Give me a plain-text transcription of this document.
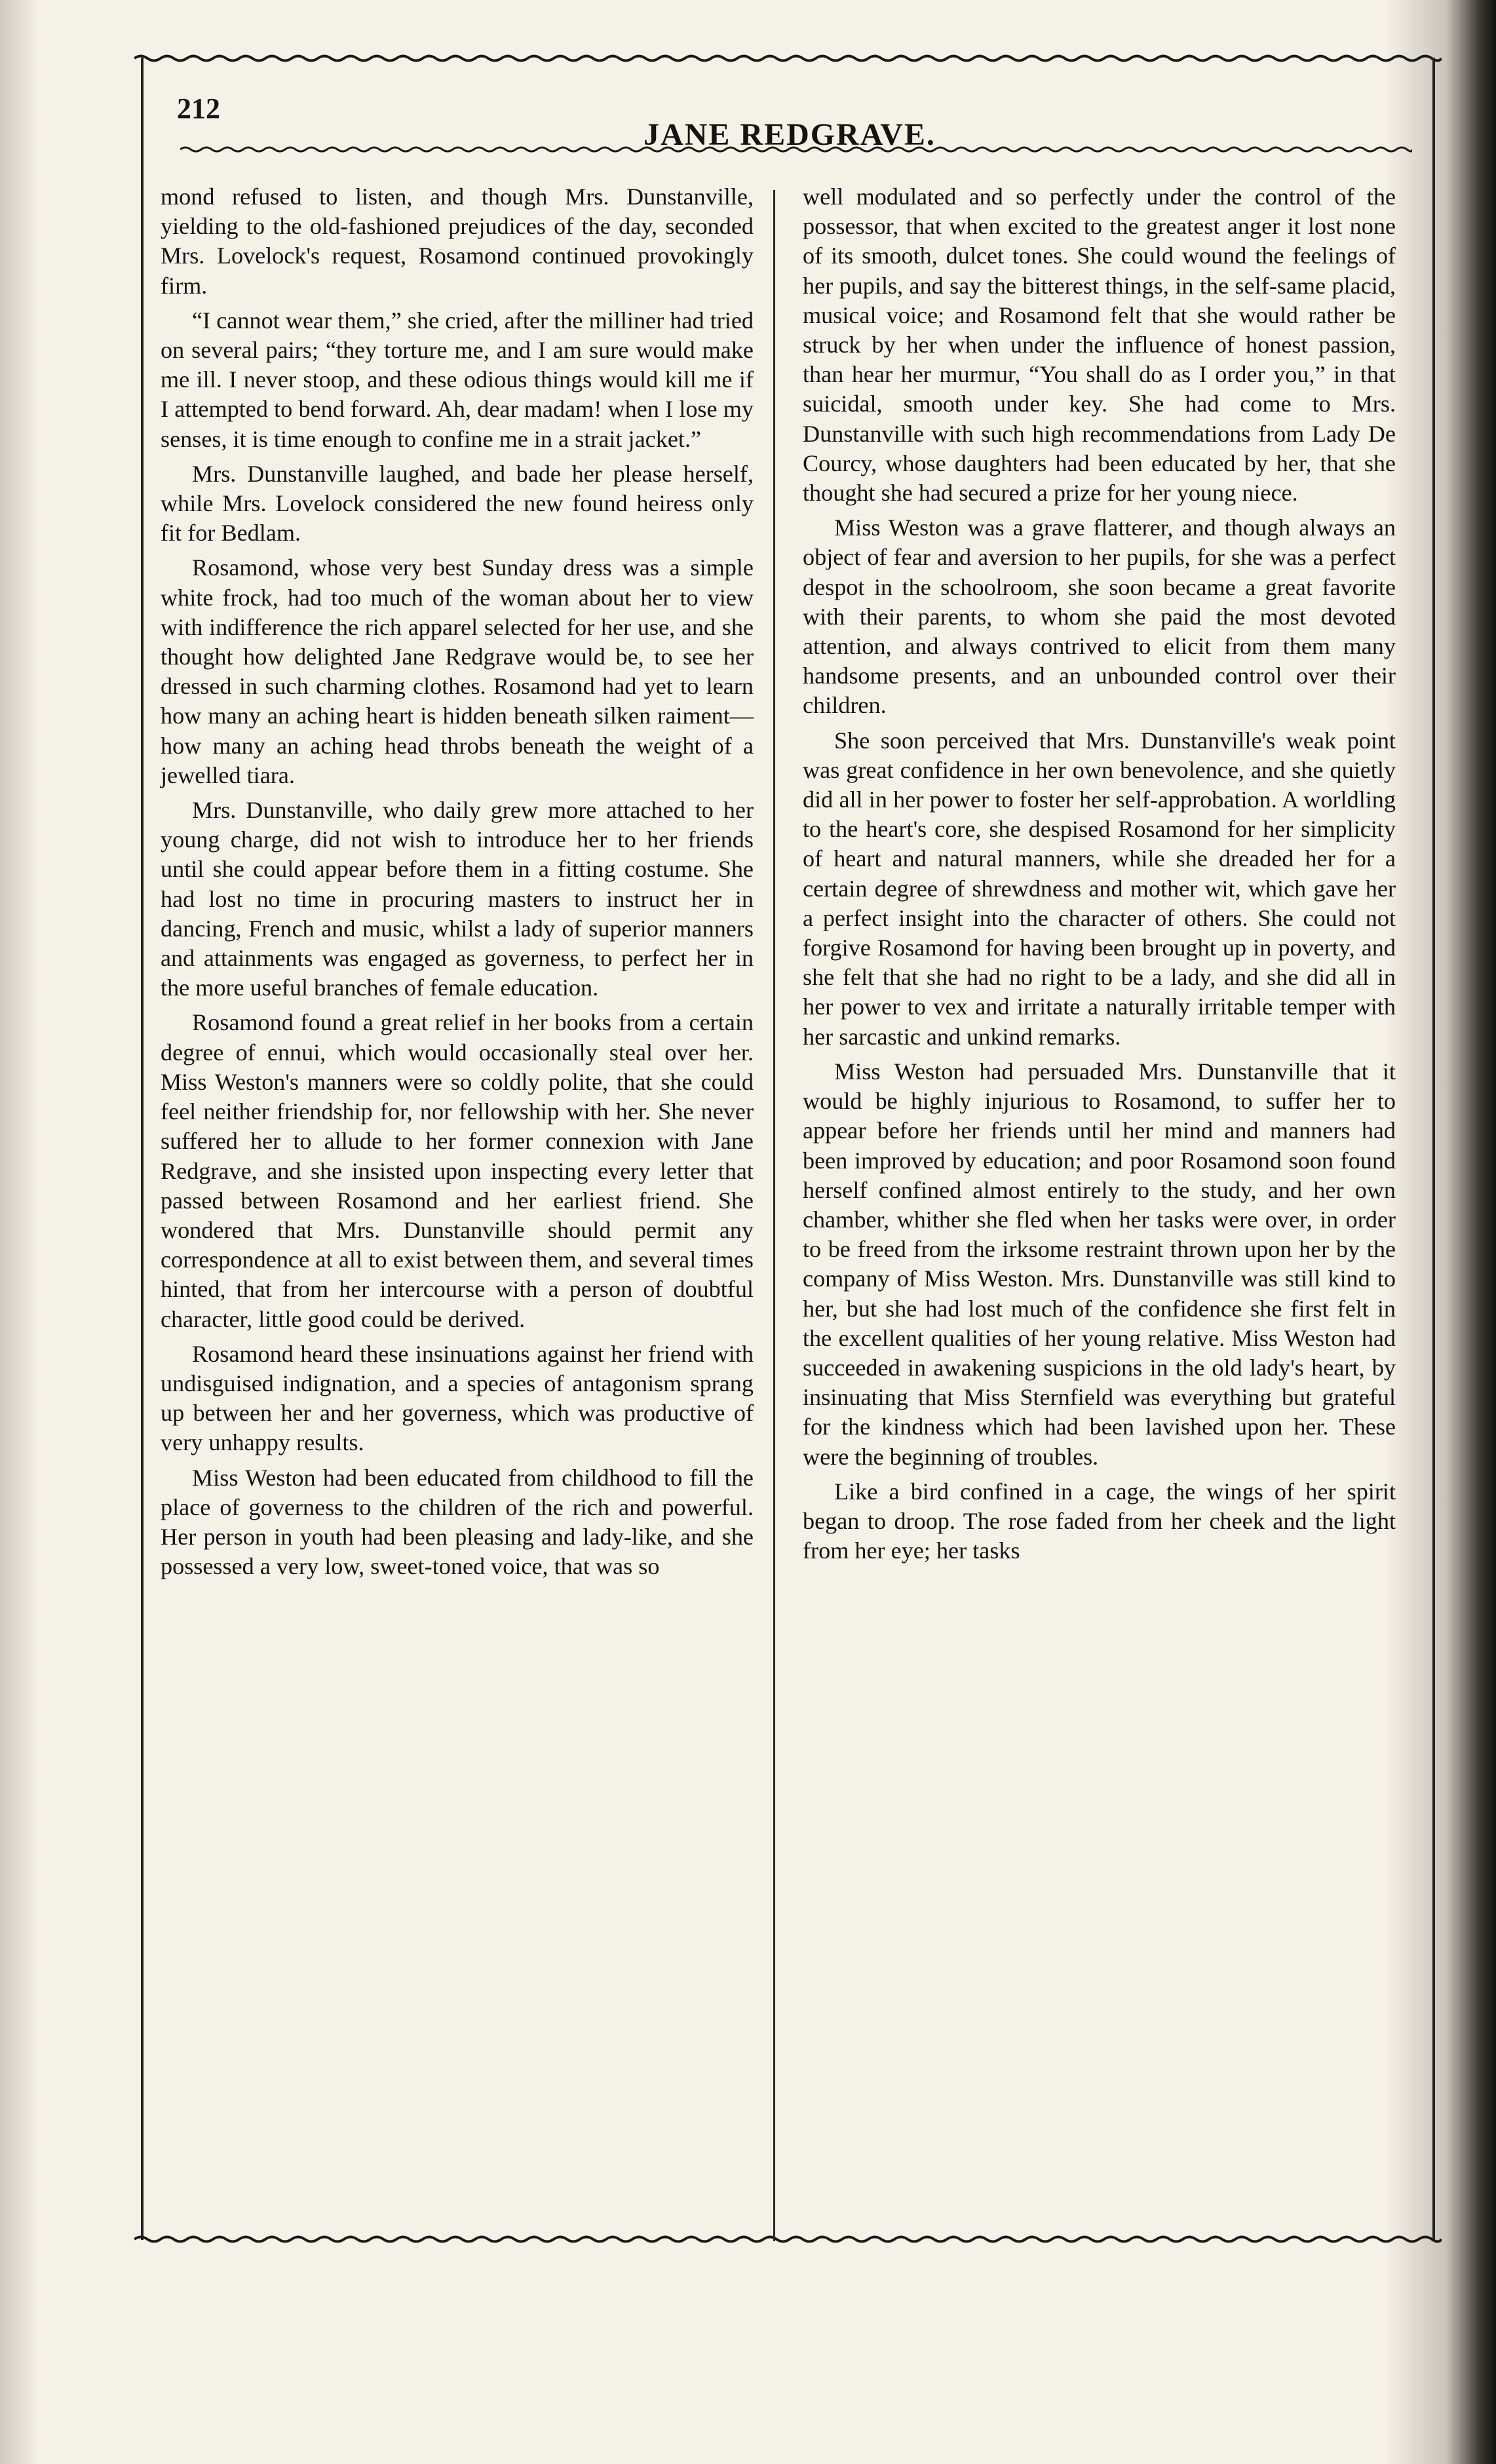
212
JANE REDGRAVE.

mond refused to listen, and though Mrs. Dunstanville, yielding to the old-fashioned prejudices of the day, seconded Mrs. Lovelock's request, Rosamond continued provokingly firm.

“I cannot wear them,” she cried, after the milliner had tried on several pairs; “they torture me, and I am sure would make me ill. I never stoop, and these odious things would kill me if I attempted to bend forward. Ah, dear madam! when I lose my senses, it is time enough to confine me in a strait jacket.”

Mrs. Dunstanville laughed, and bade her please herself, while Mrs. Lovelock considered the new found heiress only fit for Bedlam.

Rosamond, whose very best Sunday dress was a simple white frock, had too much of the woman about her to view with indifference the rich apparel selected for her use, and she thought how delighted Jane Redgrave would be, to see her dressed in such charming clothes. Rosamond had yet to learn how many an aching heart is hidden beneath silken raiment—how many an aching head throbs beneath the weight of a jewelled tiara.

Mrs. Dunstanville, who daily grew more attached to her young charge, did not wish to introduce her to her friends until she could appear before them in a fitting costume. She had lost no time in procuring masters to instruct her in dancing, French and music, whilst a lady of superior manners and attainments was engaged as governess, to perfect her in the more useful branches of female education.

Rosamond found a great relief in her books from a certain degree of ennui, which would occasionally steal over her. Miss Weston's manners were so coldly polite, that she could feel neither friendship for, nor fellowship with her. She never suffered her to allude to her former connexion with Jane Redgrave, and she insisted upon inspecting every letter that passed between Rosamond and her earliest friend. She wondered that Mrs. Dunstanville should permit any correspondence at all to exist between them, and several times hinted, that from her intercourse with a person of doubtful character, little good could be derived.

Rosamond heard these insinuations against her friend with undisguised indignation, and a species of antagonism sprang up between her and her governess, which was productive of very unhappy results.

Miss Weston had been educated from childhood to fill the place of governess to the children of the rich and powerful. Her person in youth had been pleasing and lady-like, and she possessed a very low, sweet-toned voice, that was so

well modulated and so perfectly under the control of the possessor, that when excited to the greatest anger it lost none of its smooth, dulcet tones. She could wound the feelings of her pupils, and say the bitterest things, in the self-same placid, musical voice; and Rosamond felt that she would rather be struck by her when under the influence of honest passion, than hear her murmur, “You shall do as I order you,” in that suicidal, smooth under key. She had come to Mrs. Dunstanville with such high recommendations from Lady De Courcy, whose daughters had been educated by her, that she thought she had secured a prize for her young niece.

Miss Weston was a grave flatterer, and though always an object of fear and aversion to her pupils, for she was a perfect despot in the schoolroom, she soon became a great favorite with their parents, to whom she paid the most devoted attention, and always contrived to elicit from them many handsome presents, and an unbounded control over their children.

She soon perceived that Mrs. Dunstanville's weak point was great confidence in her own benevolence, and she quietly did all in her power to foster her self-approbation. A worldling to the heart's core, she despised Rosamond for her simplicity of heart and natural manners, while she dreaded her for a certain degree of shrewdness and mother wit, which gave her a perfect insight into the character of others. She could not forgive Rosamond for having been brought up in poverty, and she felt that she had no right to be a lady, and she did all in her power to vex and irritate a naturally irritable temper with her sarcastic and unkind remarks.

Miss Weston had persuaded Mrs. Dunstanville that it would be highly injurious to Rosamond, to suffer her to appear before her friends until her mind and manners had been improved by education; and poor Rosamond soon found herself confined almost entirely to the study, and her own chamber, whither she fled when her tasks were over, in order to be freed from the irksome restraint thrown upon her by the company of Miss Weston. Mrs. Dunstanville was still kind to her, but she had lost much of the confidence she first felt in the excellent qualities of her young relative. Miss Weston had succeeded in awakening suspicions in the old lady's heart, by insinuating that Miss Sternfield was everything but grateful for the kindness which had been lavished upon her. These were the beginning of troubles.

Like a bird confined in a cage, the wings of her spirit began to droop. The rose faded from her cheek and the light from her eye; her tasks
